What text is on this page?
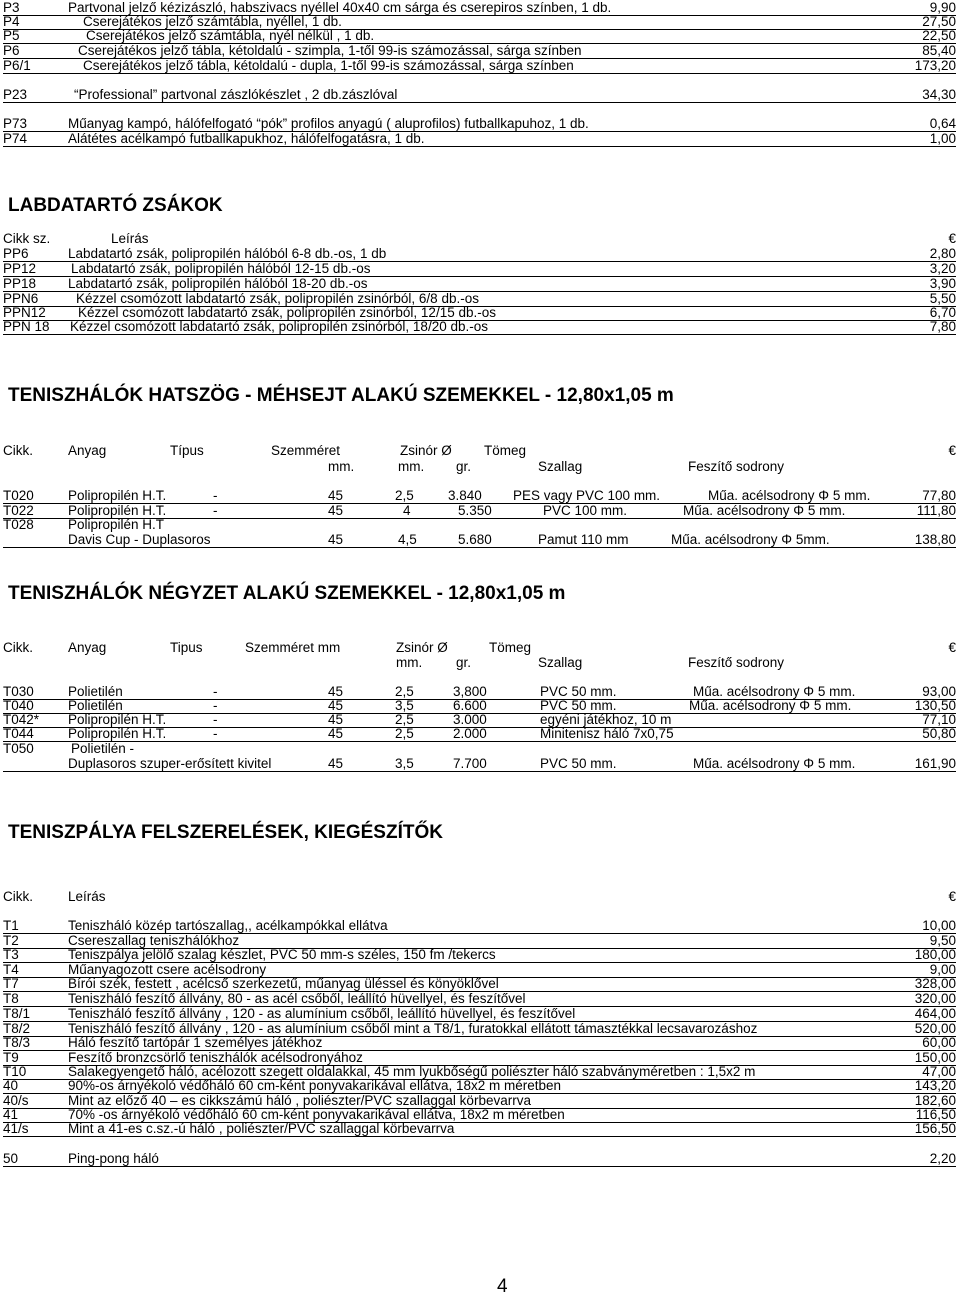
P3	Partvonal jelző kézizászló, habszivacs nyéllel 40x40 cm sárga és cserepiros színben, 1 db.	9,90
P4	Cserejátékos jelző számtábla, nyéllel, 1 db.	27,50
P5	Cserejátékos jelző számtábla, nyél nélkül , 1 db.	22,50
P6	Cserejátékos jelző tábla, kétoldalú - szimpla, 1-től 99-is számozással, sárga színben	85,40
P6/1	Cserejátékos jelző tábla, kétoldalú - dupla, 1-től 99-is számozással, sárga színben	173,20
P23	“Professional” partvonal zászlókészlet , 2 db.zászlóval	34,30
P73	Műanyag kampó, hálófelfogató “pók” profilos anyagú ( aluprofilos) futballkapuhoz, 1 db.	0,64
P74	Alátétes acélkampó futballkapukhoz, hálófelfogatásra, 1 db.	1,00
LABDATARTÓ ZSÁKOK
Cikk sz.	Leírás	€
PP6	Labdatartó zsák, polipropilén hálóból 6-8 db.-os, 1 db	2,80
PP12	Labdatartó zsák, polipropilén hálóból 12-15 db.-os	3,20
PP18 Labdatartó zsák, polipropilén hálóból 18-20 db.-os	3,90
PPN6	Kézzel csomózott labdatartó zsák, polipropilén zsinórból, 6/8 db.-os	5,50
PPN12 Kézzel csomózott labdatartó zsák, polipropilén zsinórból, 12/15 db.-os	6,70
PPN 18 Kézzel csomózott labdatartó zsák, polipropilén zsinórból, 18/20 db.-os	7,80
TENISZHÁLÓK HATSZÖG - MÉHSEJT ALAKÚ SZEMEKKEL - 12,80x1,05 m
Cikk.	Anyag	Típus	Szemméret	Zsinór Ø Tömeg	€
mm.	mm. gr.	Szallag	Feszítő sodrony
T020	Polipropilén H.T.	-	45	2,5	3.840 PES vagy PVC 100 mm.	Műa. acélsodrony Φ 5 mm.	77,80
T022	Polipropilén H.T.	-	45	4	5.350	PVC 100 mm.	Műa. acélsodrony Φ 5 mm.	111,80
T028	Polipropilén H.T
Davis Cup - Duplasoros	45	4,5	5.680	Pamut 110 mm	Műa. acélsodrony Φ 5mm.	138,80
TENISZHÁLÓK NÉGYZET ALAKÚ SZEMEKKEL - 12,80x1,05 m
Cikk.	Anyag	Tipus	Szemméret mm	Zsinór Ø	Tömeg	€
mm.	gr.	Szallag	Feszítő sodrony
T030	Polietilén	-	45	2,5	3,800	PVC 50 mm.	Műa. acélsodrony Φ 5 mm.	93,00
T040	Polietilén	-	45	3,5	6.600	PVC 50 mm.	Műa. acélsodrony Φ 5 mm.	130,50
T042* Polipropilén H.T.	-	45	2,5	3.000	egyéni játékhoz, 10 m	77,10
T044	Polipropilén H.T.	-	45	2,5	2.000	Minitenisz háló 7x0,75	50,80
T050	Polietilén -
Duplasoros szuper-erősített kivitel	45	3,5	7.700	PVC 50 mm.	Műa. acélsodrony Φ 5 mm.	161,90
TENISZPÁLYA FELSZERELÉSEK, KIEGÉSZÍTŐK
Cikk.	Leírás	€
T1	Teniszháló közép tartószallag,, acélkampókkal ellátva	10,00
T2	Csereszallag teniszhálókhoz	9,50
T3	Teniszpálya jelölő szalag készlet, PVC 50 mm-s széles, 150 fm /tekercs	180,00
T4	Műanyagozott csere acélsodrony	9,00
T7	Bírói szék, festett , acélcső szerkezetű, műanyag üléssel és könyöklővel	328,00
T8	Teniszháló feszítő állvány, 80 - as acél csőből, leállító hüvellyel, és feszítővel	320,00
T8/1	Teniszháló feszítő állvány , 120 - as alumínium csőből, leállító hüvellyel, és feszítővel	464,00
T8/2	Teniszháló feszítő állvány , 120 - as alumínium csőből mint a T8/1, furatokkal ellátott támasztékkal lecsavarozáshoz	520,00
T8/3	Háló feszítő tartópár 1 személyes játékhoz	60,00
T9	Feszítő bronzcsörlő teniszhálók acélsodronyához	150,00
T10	Salakegyengető háló, acélozott szegett oldalakkal, 45 mm lyukbőségű poliészter háló szabványméretben : 1,5x2 m	47,00
40	90%-os árnyékoló védőháló 60 cm-ként ponyvakarikával ellátva, 18x2 m méretben	143,20
40/s	Mint az előző 40 – es cikkszámú háló , poliészter/PVC szallaggal körbevarrva	182,60
41	70% -os árnyékoló védőháló 60 cm-ként ponyvakarikával ellátva, 18x2 m méretben	116,50
41/s	Mint a 41-es c.sz.-ú háló , poliészter/PVC szallaggal körbevarrva	156,50
50	Ping-pong háló	2,20
4
